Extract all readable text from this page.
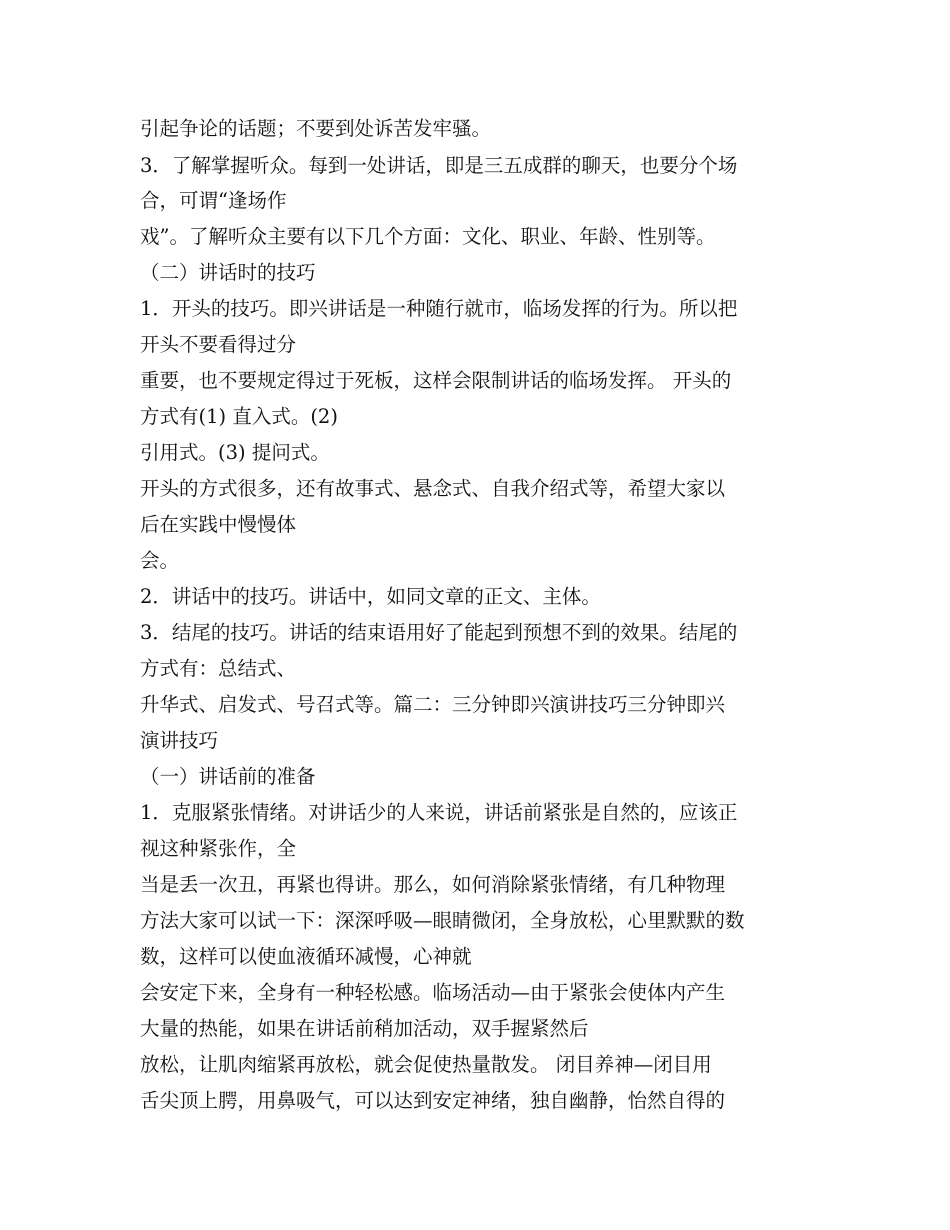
引起争论的话题；不要到处诉苦发牢骚。
3．了解掌握听众。每到一处讲话，即是三五成群的聊天，也要分个场
合，可谓“逢场作
戏”。了解听众主要有以下几个方面：文化、职业、年龄、性别等。
（二）讲话时的技巧
1．开头的技巧。即兴讲话是一种随行就市，临场发挥的行为。所以把
开头不要看得过分
重要，也不要规定得过于死板，这样会限制讲话的临场发挥。 开头的
方式有(1) 直入式。(2)
引用式。(3) 提问式。
开头的方式很多，还有故事式、悬念式、自我介绍式等，希望大家以
后在实践中慢慢体
会。
2．讲话中的技巧。讲话中，如同文章的正文、主体。
3．结尾的技巧。讲话的结束语用好了能起到预想不到的效果。结尾的
方式有：总结式、
升华式、启发式、号召式等。篇二：三分钟即兴演讲技巧三分钟即兴
演讲技巧
（一）讲话前的准备
1．克服紧张情绪。对讲话少的人来说，讲话前紧张是自然的，应该正
视这种紧张作，全
当是丢一次丑，再紧也得讲。那么，如何消除紧张情绪，有几种物理
方法大家可以试一下：深深呼吸—眼睛微闭，全身放松，心里默默的数
数，这样可以使血液循环减慢，心神就
会安定下来，全身有一种轻松感。临场活动—由于紧张会使体内产生
大量的热能，如果在讲话前稍加活动，双手握紧然后
放松，让肌肉缩紧再放松，就会促使热量散发。 闭目养神—闭目用
舌尖顶上腭，用鼻吸气，可以达到安定神绪，独自幽静，怡然自得的
